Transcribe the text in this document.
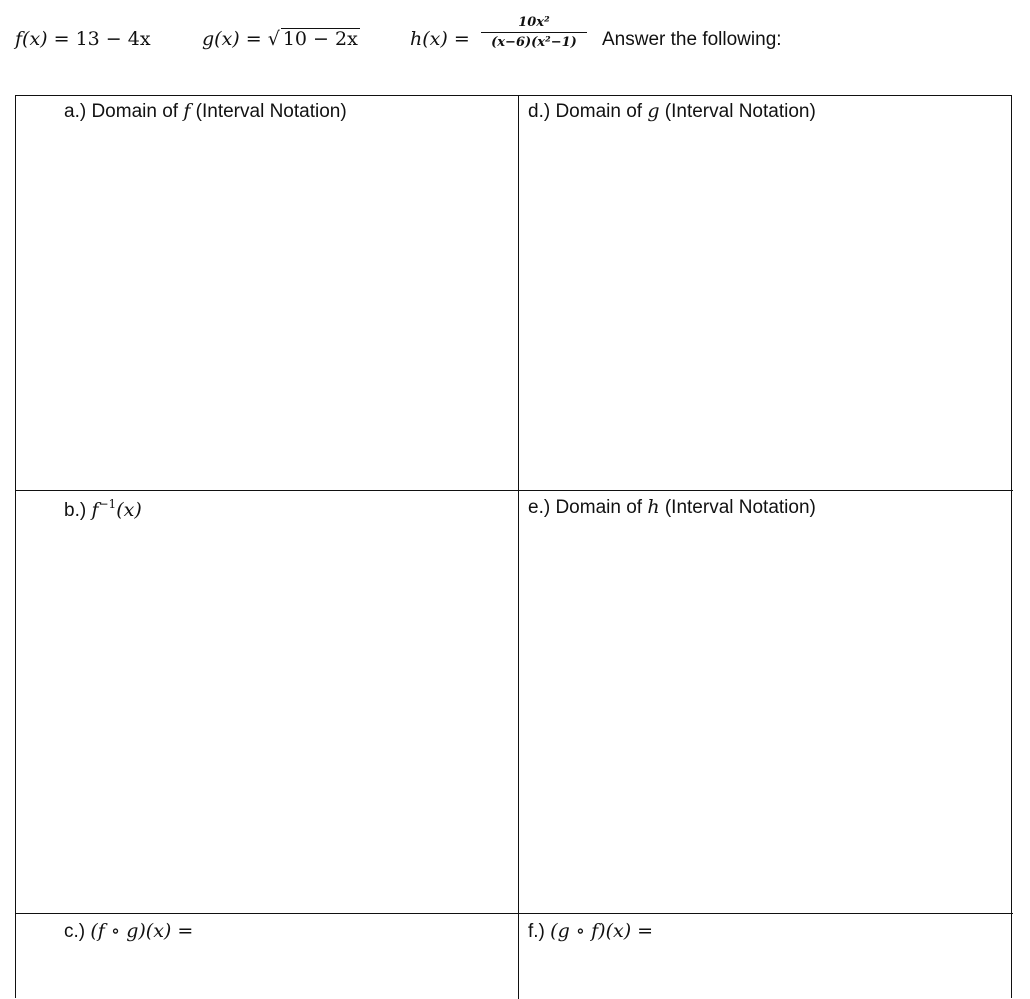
f(x) = 13 − 4x	g(x) = √ 10 − 2x	h(x) =
10x²
(x−6)(x²−1)	Answer the following:
a.) Domain of f (Interval Notation)	d.) Domain of g (Interval Notation)
b.) $f^{-1}(x)$	e.) Domain of h (Interval Notation)
c.) (f ∘ g)(x) =	f.) (g ∘ f)(x) =
